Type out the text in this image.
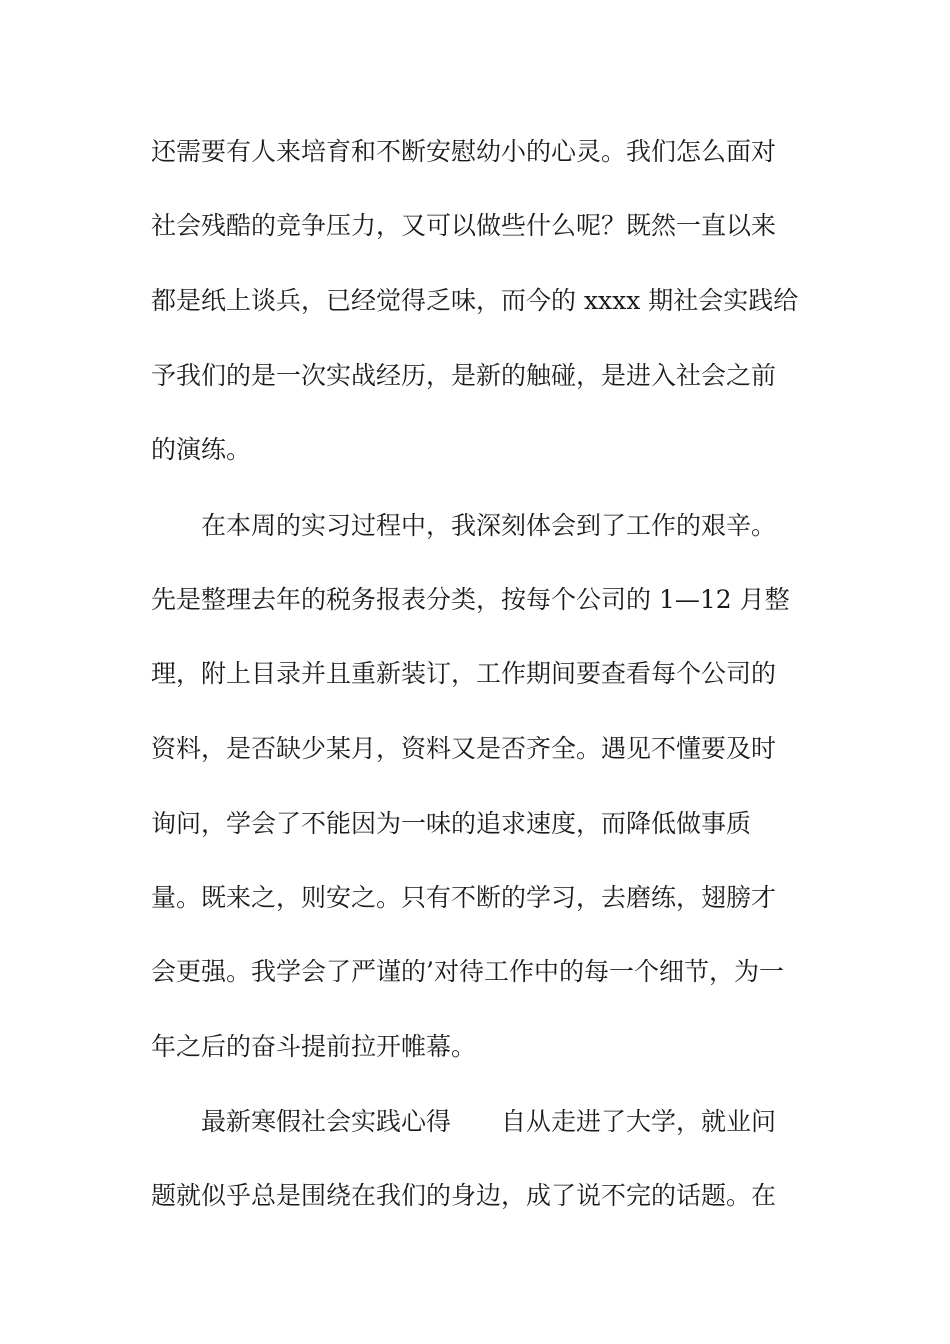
还需要有人来培育和不断安慰幼小的心灵。我们怎么面对

社会残酷的竞争压力，又可以做些什么呢？既然一直以来

都是纸上谈兵，已经觉得乏味，而今的 xxxx 期社会实践给

予我们的是一次实战经历，是新的触碰，是进入社会之前

的演练。

　　在本周的实习过程中，我深刻体会到了工作的艰辛。

先是整理去年的税务报表分类，按每个公司的 1—12 月整

理，附上目录并且重新装订，工作期间要查看每个公司的

资料，是否缺少某月，资料又是否齐全。遇见不懂要及时

询问，学会了不能因为一味的追求速度，而降低做事质

量。既来之，则安之。只有不断的学习，去磨练，翅膀才

会更强。我学会了严谨的’对待工作中的每一个细节，为一

年之后的奋斗提前拉开帷幕。

　　最新寒假社会实践心得　　自从走进了大学，就业问

题就似乎总是围绕在我们的身边，成了说不完的话题。在
